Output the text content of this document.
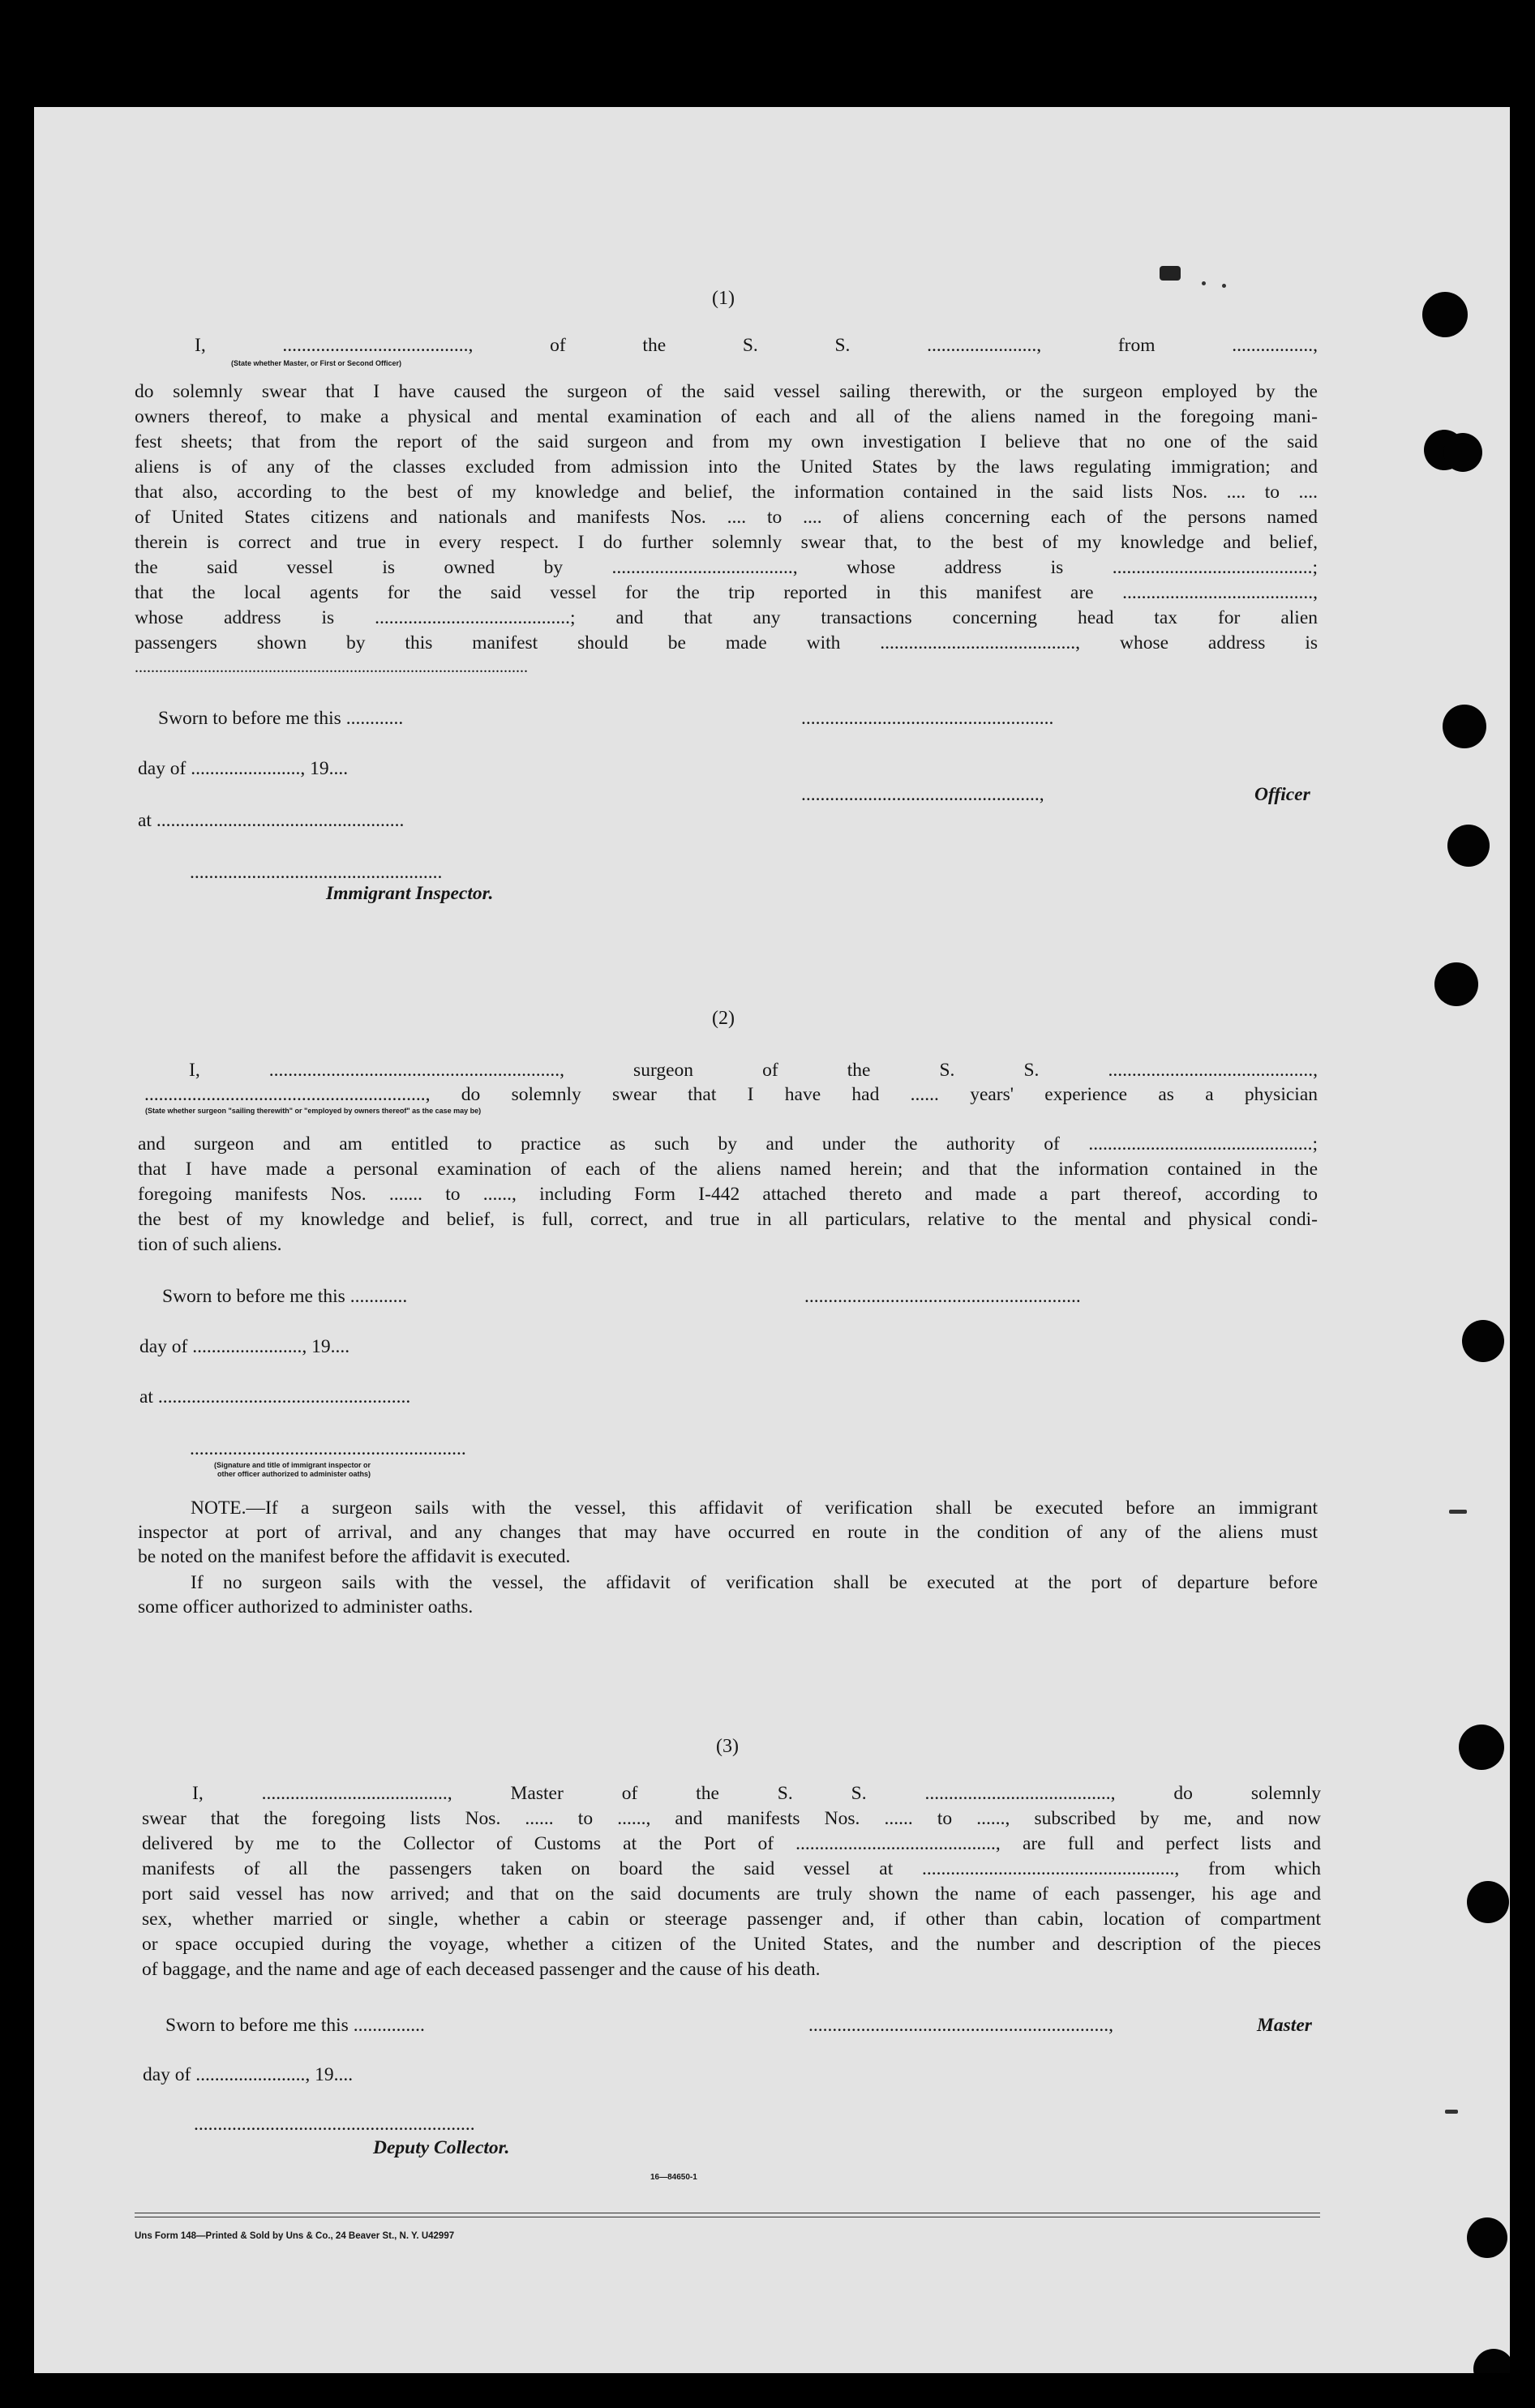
(1)
I, ......................................., of the S. S. ......................., from .................,
(State whether Master, or First or Second Officer)
do solemnly swear that I have caused the surgeon of the said vessel sailing therewith, or the surgeon employed by the
owners thereof, to make a physical and mental examination of each and all of the aliens named in the foregoing mani-
fest sheets; that from the report of the said surgeon and from my own investigation I believe that no one of the said
aliens is of any of the classes excluded from admission into the United States by the laws regulating immigration; and
that also, according to the best of my knowledge and belief, the information contained in the said lists Nos. .... to ....
of United States citizens and nationals and manifests Nos. .... to .... of aliens concerning each of the persons named
therein is correct and true in every respect. I do further solemnly swear that, to the best of my knowledge and belief,
the said vessel is owned by ......................................, whose address is ..........................................;
that the local agents for the said vessel for the trip reported in this manifest are ........................................,
whose address is .........................................; and that any transactions concerning head tax for alien
passengers shown by this manifest should be made with ........................................., whose address is
.................................................................................................
Sworn to before me this ............	.....................................................
day of ......................., 19....
..................................................,	Officer
at ....................................................
.....................................................
Immigrant Inspector.
(2)
I, ............................................................., surgeon of the S. S. ...........................................,
..........................................................., do solemnly swear that I have had ...... years' experience as a physician
(State whether surgeon "sailing therewith" or "employed by owners thereof" as the case may be)
and surgeon and am entitled to practice as such by and under the authority of ...............................................;
that I have made a personal examination of each of the aliens named herein; and that the information contained in the
foregoing manifests Nos. ....... to ......, including Form I-442 attached thereto and made a part thereof, according to
the best of my knowledge and belief, is full, correct, and true in all particulars, relative to the mental and physical condi-
tion of such aliens.
Sworn to before me this ............	..........................................................
day of ......................., 19....
at .....................................................
..........................................................
(Signature and title of immigrant inspector or
other officer authorized to administer oaths)
NOTE.—If a surgeon sails with the vessel, this affidavit of verification shall be executed before an immigrant
inspector at port of arrival, and any changes that may have occurred en route in the condition of any of the aliens must
be noted on the manifest before the affidavit is executed.
If no surgeon sails with the vessel, the affidavit of verification shall be executed at the port of departure before
some officer authorized to administer oaths.
(3)
I, ......................................., Master of the S. S. ......................................., do solemnly
swear that the foregoing lists Nos. ...... to ......, and manifests Nos. ...... to ......, subscribed by me, and now
delivered by me to the Collector of Customs at the Port of .........................................., are full and perfect lists and
manifests of all the passengers taken on board the said vessel at ....................................................., from which
port said vessel has now arrived; and that on the said documents are truly shown the name of each passenger, his age and
sex, whether married or single, whether a cabin or steerage passenger and, if other than cabin, location of compartment
or space occupied during the voyage, whether a citizen of the United States, and the number and description of the pieces
of baggage, and the name and age of each deceased passenger and the cause of his death.
Sworn to before me this ...............	...............................................................,	Master
day of ......................., 19....
...........................................................
Deputy Collector.
16—84650-1
Uns Form 148—Printed & Sold by Uns & Co., 24 Beaver St., N. Y. U42997
